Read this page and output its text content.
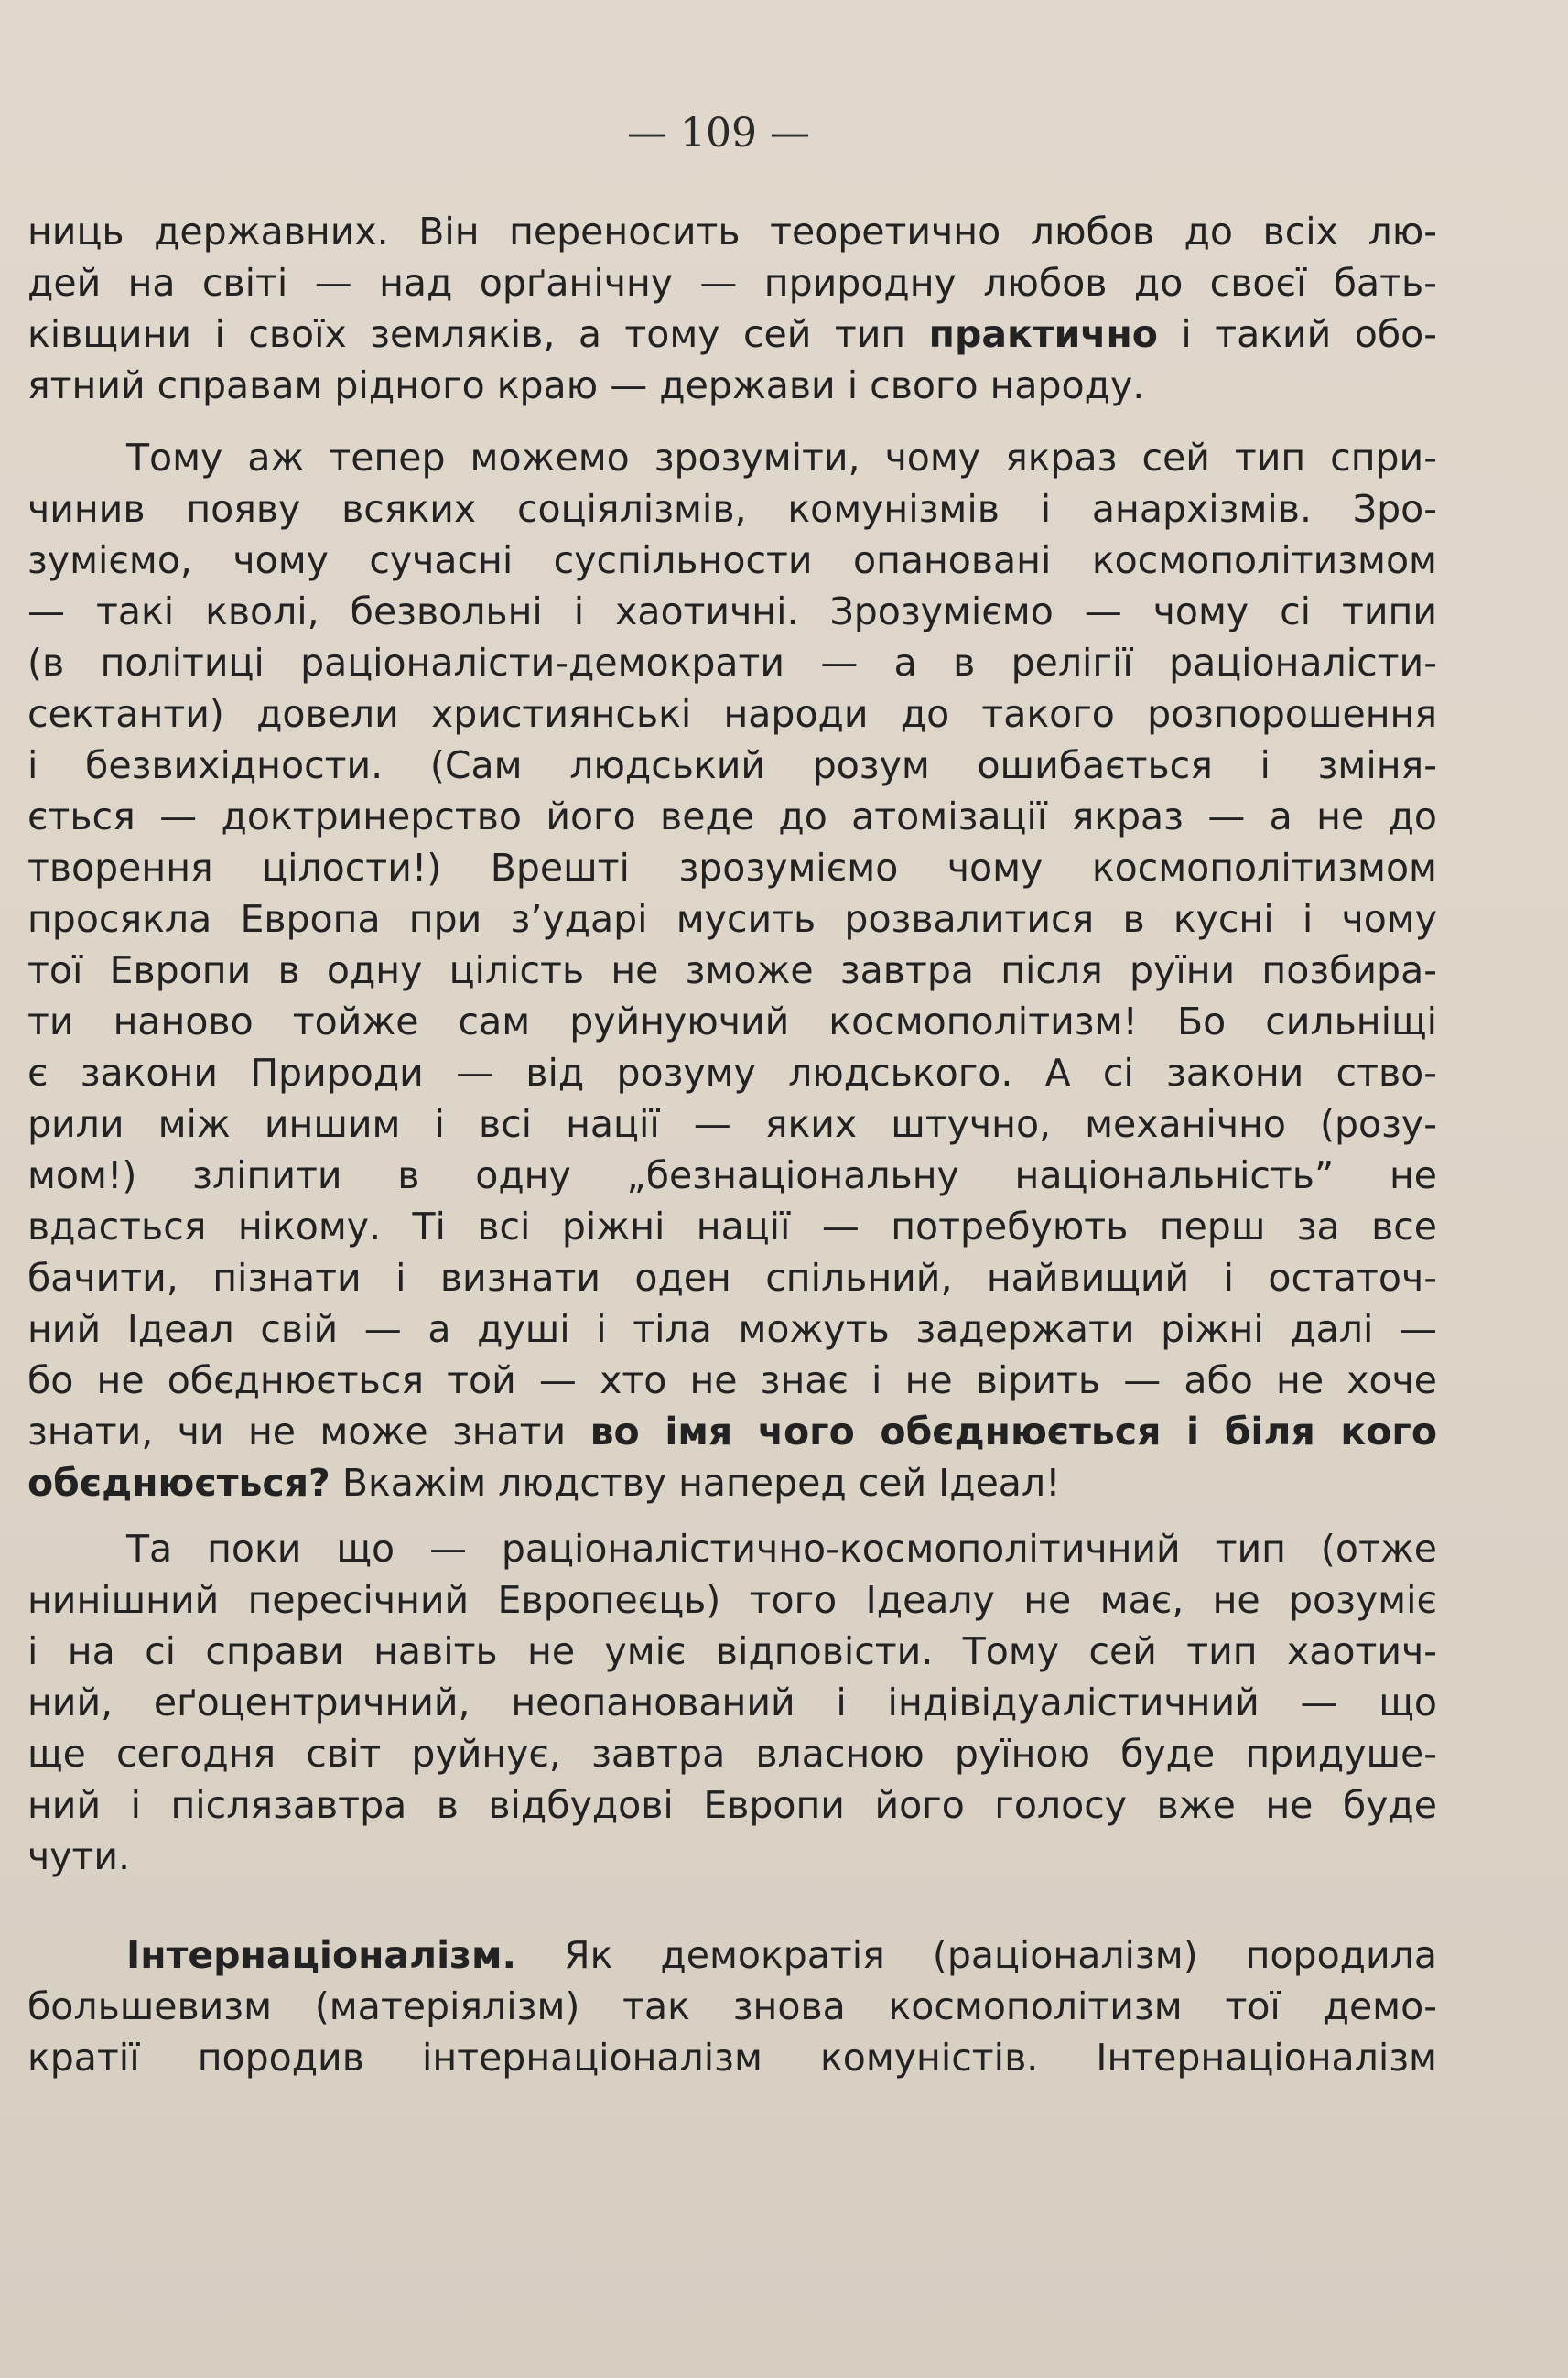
— 109 —
ниць державних. Він переносить теоретично любов до всіх лю-
дей на світі — над орґанічну — природну любов до своєї бать-
ківщини і своїх земляків, а тому сей тип практично і такий обо-
ятний справам рідного краю — держави і свого народу.
Тому аж тепер можемо зрозуміти, чому якраз сей тип спри-
чинив появу всяких соціялізмів, комунізмів і анархізмів. Зро-
зуміємо, чому сучасні суспільности опановані космополітизмом
— такі кволі, безвольні і хаотичні. Зрозуміємо — чому сі типи
(в політиці раціоналісти-демократи — а в релігії раціоналісти-
сектанти) довели християнські народи до такого розпорошення
і безвихідности. (Сам людський розум ошибається і зміня-
ється — доктринерство його веде до атомізації якраз — а не до
творення цілости!) Врешті зрозуміємо чому космополітизмом
просякла Европа при з’ударі мусить розвалитися в кусні і чому
тої Европи в одну цілість не зможе завтра після руїни позбира-
ти наново тойже сам руйнуючий космополітизм! Бо сильніщі
є закони Природи — від розуму людського. А сі закони ство-
рили між иншим і всі нації — яких штучно, механічно (розу-
мом!) зліпити в одну „безнаціональну національність” не
вдасться нікому. Ті всі ріжні нації — потребують перш за все
бачити, пізнати і визнати оден спільний, найвищий і остаточ-
ний Ідеал свій — а душі і тіла можуть задержати ріжні далі —
бо не обєднюється той — хто не знає і не вірить — або не хоче
знати, чи не може знати во імя чого обєднюється і біля кого
обєднюється? Вкажім людству наперед сей Ідеал!
Та поки що — раціоналістично-космополітичний тип (отже
нинішний пересічний Европеєць) того Ідеалу не має, не розуміє
і на сі справи навіть не уміє відповісти. Тому сей тип хаотич-
ний, еґоцентричний, неопанований і індівідуалістичний — що
ще сегодня світ руйнує, завтра власною руїною буде придуше-
ний і післязавтра в відбудові Европи його голосу вже не буде
чути.
Інтернаціоналізм. Як демократія (раціоналізм) породила
большевизм (матеріялізм) так знова космополітизм тої демо-
кратії породив інтернаціоналізм комуністів. Інтернаціоналізм
